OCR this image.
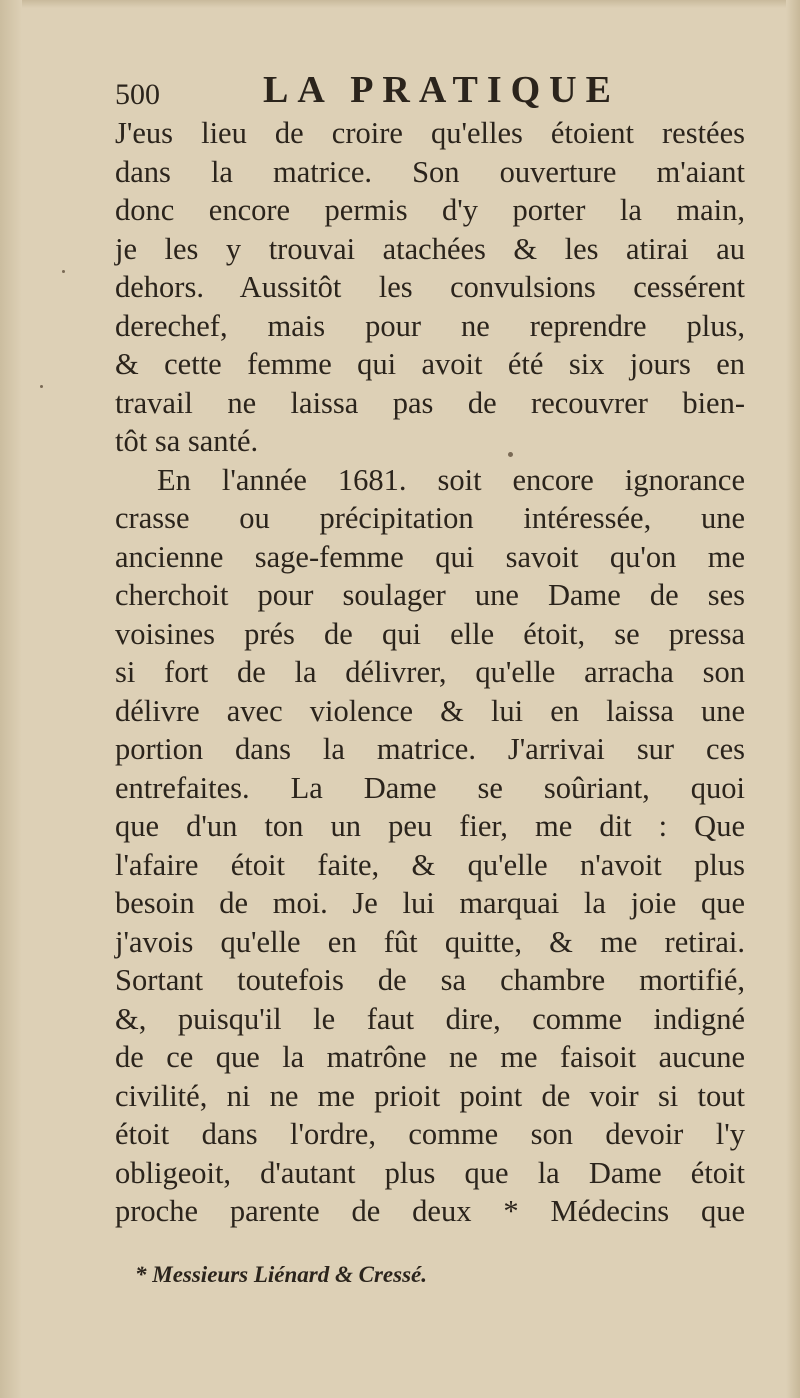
500	LA PRATIQUE
J'eus lieu de croire qu'elles étoient restées
dans la matrice. Son ouverture m'aiant
donc encore permis d'y porter la main,
je les y trouvai atachées & les atirai au
dehors. Aussitôt les convulsions cessérent
derechef, mais pour ne reprendre plus,
& cette femme qui avoit été six jours en
travail ne laissa pas de recouvrer bien-
tôt sa santé.
En l'année 1681. soit encore ignorance
crasse ou précipitation intéressée, une
ancienne sage-femme qui savoit qu'on me
cherchoit pour soulager une Dame de ses
voisines prés de qui elle étoit, se pressa
si fort de la délivrer, qu'elle arracha son
délivre avec violence & lui en laissa une
portion dans la matrice. J'arrivai sur ces
entrefaites. La Dame se soûriant, quoi
que d'un ton un peu fier, me dit : Que
l'afaire étoit faite, & qu'elle n'avoit plus
besoin de moi. Je lui marquai la joie que
j'avois qu'elle en fût quitte, & me retirai.
Sortant toutefois de sa chambre mortifié,
&, puisqu'il le faut dire, comme indigné
de ce que la matrône ne me faisoit aucune
civilité, ni ne me prioit point de voir si tout
étoit dans l'ordre, comme son devoir l'y
obligeoit, d'autant plus que la Dame étoit
proche parente de deux * Médecins que
* Messieurs Liénard & Cressé.
